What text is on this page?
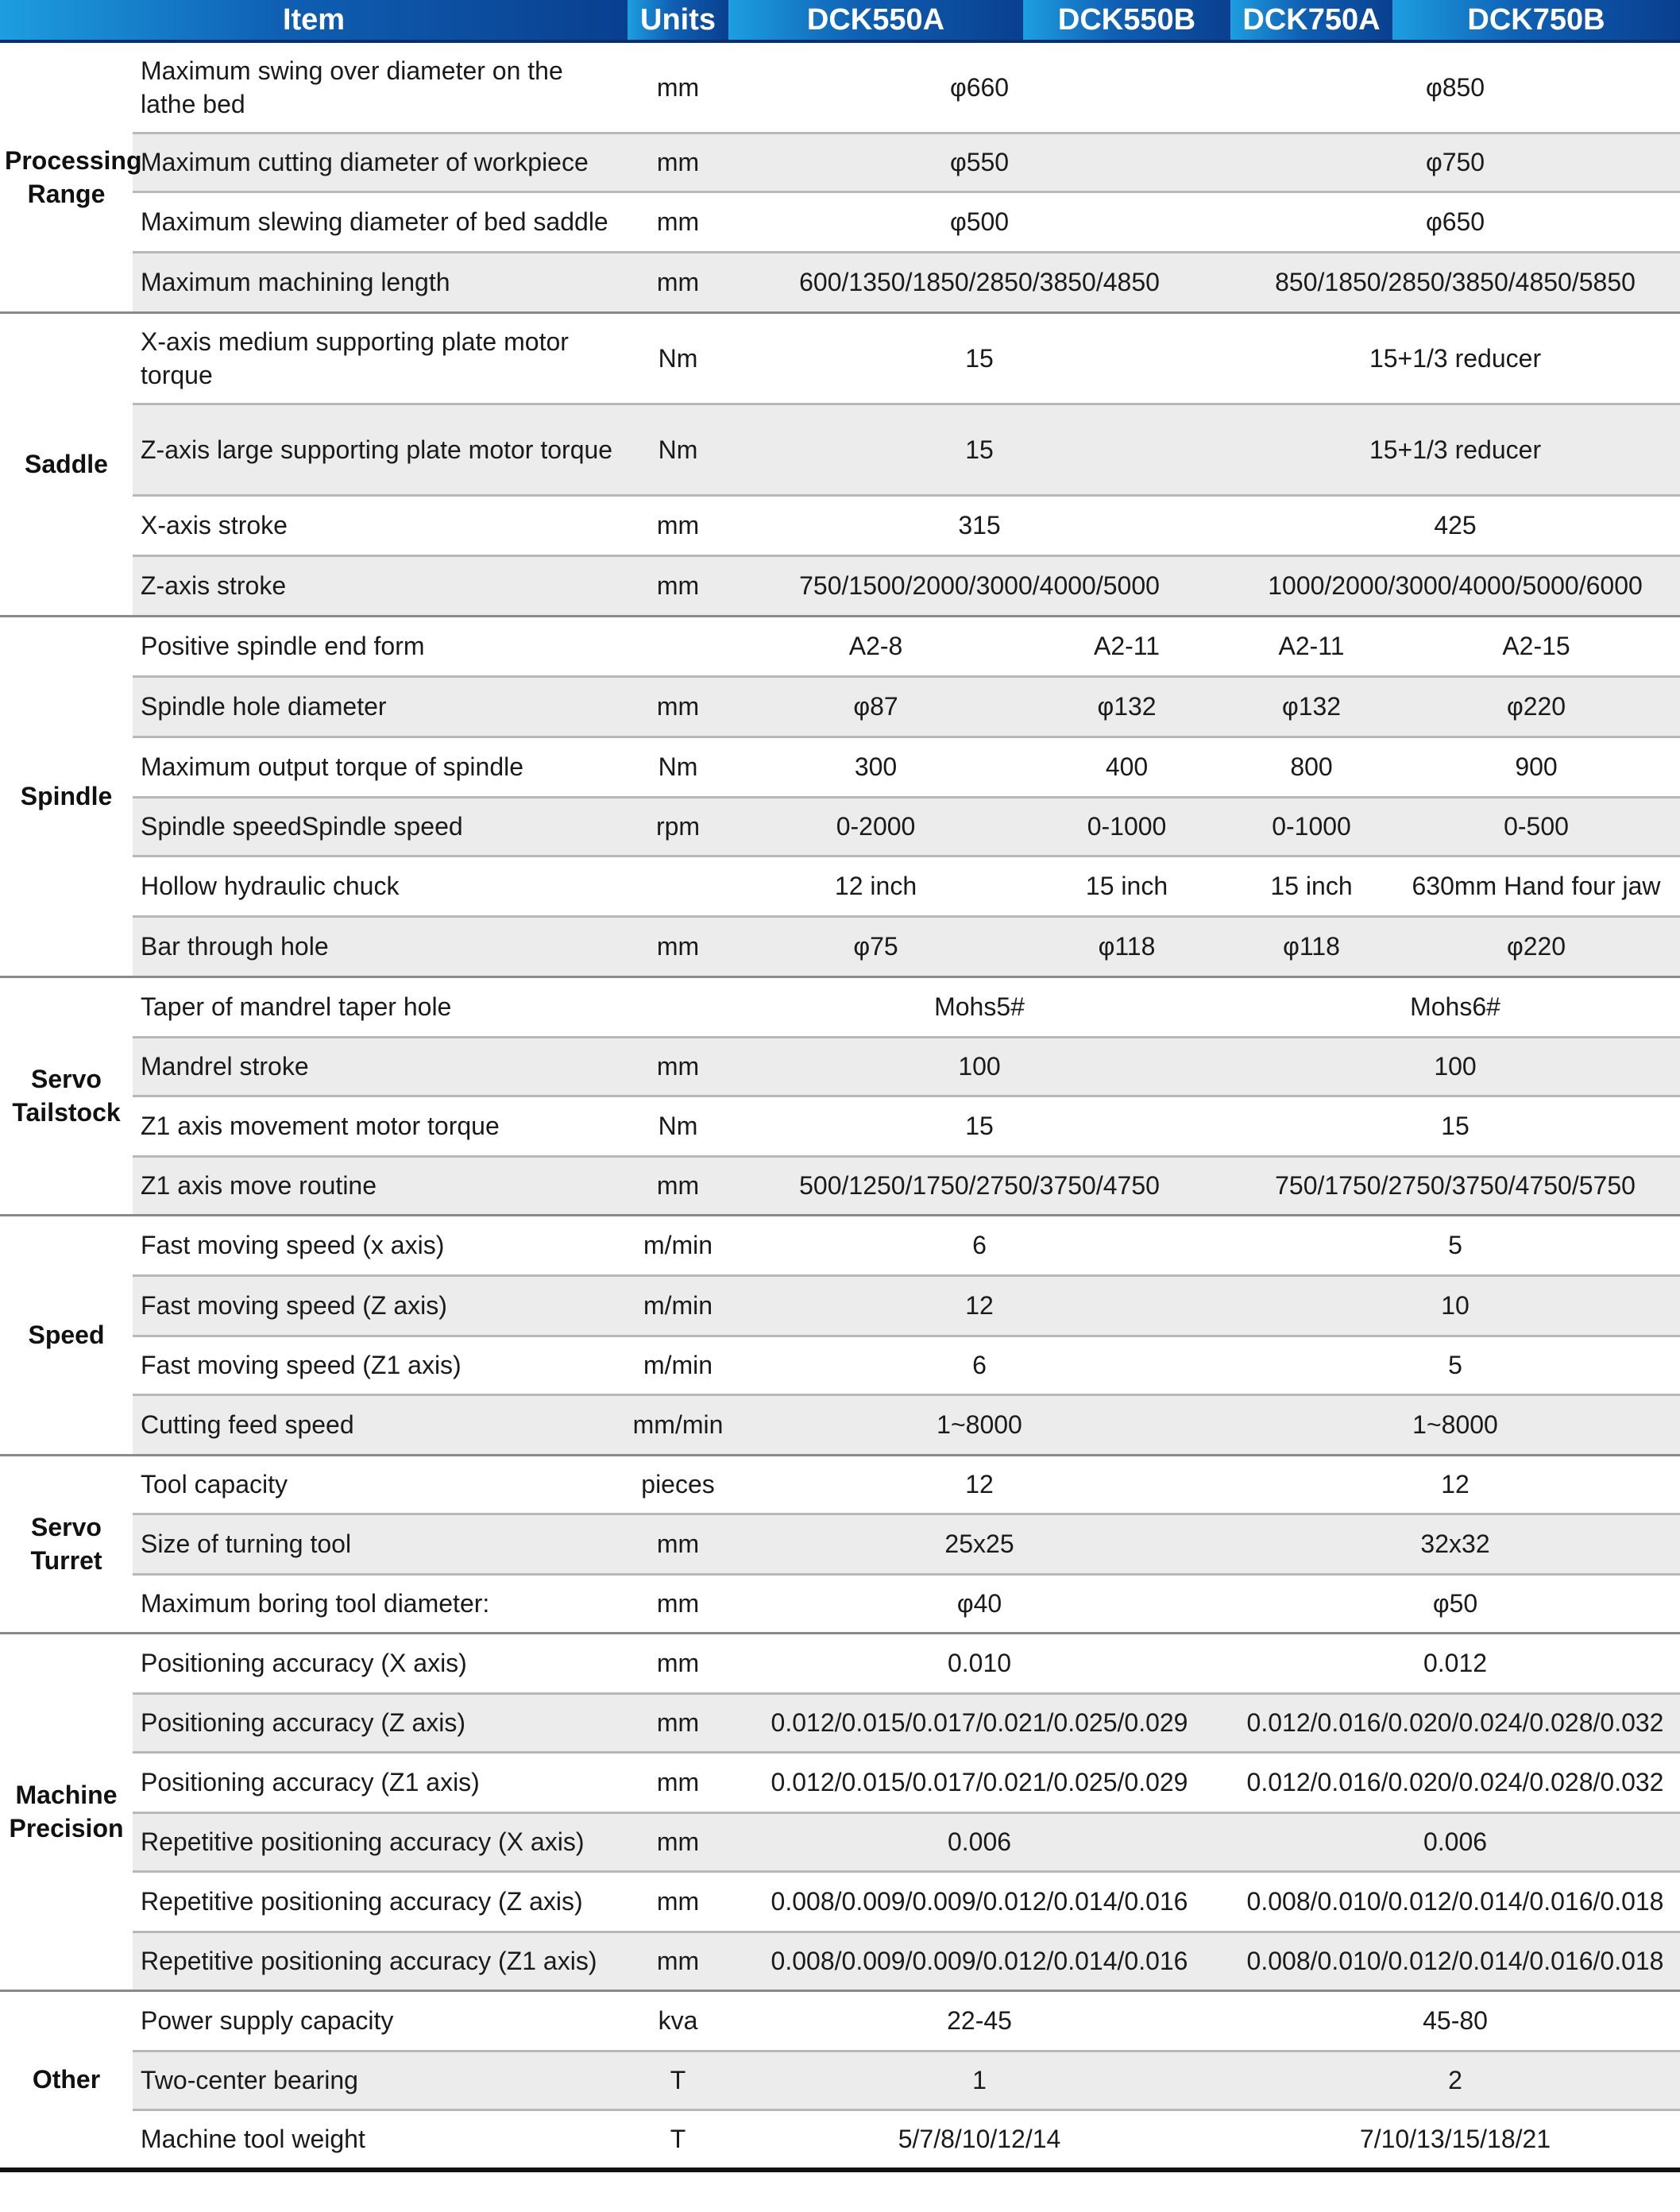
Item		Units	DCK550A	DCK550B	DCK750A	DCK750B
Processing Range	Maximum swing over diameter on the lathe bed	mm	φ660		φ850	
	Maximum cutting diameter of workpiece	mm	φ550		φ750	
	Maximum slewing diameter of bed saddle	mm	φ500		φ650	
	Maximum machining length	mm	600/1350/1850/2850/3850/4850		850/1850/2850/3850/4850/5850	
Saddle	X-axis medium supporting plate motor torque	Nm	15		15+1/3 reducer	
	Z-axis large supporting plate motor torque	Nm	15		15+1/3 reducer	
	X-axis stroke	mm	315		425	
	Z-axis stroke	mm	750/1500/2000/3000/4000/5000		1000/2000/3000/4000/5000/6000	
Spindle	Positive spindle end form		A2-8	A2-11	A2-11	A2-15
	Spindle hole diameter	mm	φ87	φ132	φ132	φ220
	Maximum output torque of spindle	Nm	300	400	800	900
	Spindle speedSpindle speed	rpm	0-2000	0-1000	0-1000	0-500
	Hollow hydraulic chuck		12 inch	15 inch	15 inch	630mm Hand four jaw
	Bar through hole	mm	φ75	φ118	φ118	φ220
Servo Tailstock	Taper of mandrel taper hole		Mohs5#		Mohs6#	
	Mandrel stroke	mm	100		100	
	Z1 axis movement motor torque	Nm	15		15	
	Z1 axis move routine	mm	500/1250/1750/2750/3750/4750		750/1750/2750/3750/4750/5750	
Speed	Fast moving speed (x axis)	m/min	6		5	
	Fast moving speed (Z axis)	m/min	12		10	
	Fast moving speed (Z1 axis)	m/min	6		5	
	Cutting feed speed	mm/min	1~8000		1~8000	
Servo Turret	Tool capacity	pieces	12		12	
	Size of turning tool	mm	25x25		32x32	
	Maximum boring tool diameter:	mm	φ40		φ50	
Machine Precision	Positioning accuracy (X axis)	mm	0.010		0.012	
	Positioning accuracy (Z axis)	mm	0.012/0.015/0.017/0.021/0.025/0.029		0.012/0.016/0.020/0.024/0.028/0.032	
	Positioning accuracy (Z1 axis)	mm	0.012/0.015/0.017/0.021/0.025/0.029		0.012/0.016/0.020/0.024/0.028/0.032	
	Repetitive positioning accuracy (X axis)	mm	0.006		0.006	
	Repetitive positioning accuracy (Z axis)	mm	0.008/0.009/0.009/0.012/0.014/0.016		0.008/0.010/0.012/0.014/0.016/0.018	
	Repetitive positioning accuracy (Z1 axis)	mm	0.008/0.009/0.009/0.012/0.014/0.016		0.008/0.010/0.012/0.014/0.016/0.018	
Other	Power supply capacity	kva	22-45		45-80	
	Two-center bearing	T	1		2	
	Machine tool weight	T	5/7/8/10/12/14		7/10/13/15/18/21	
